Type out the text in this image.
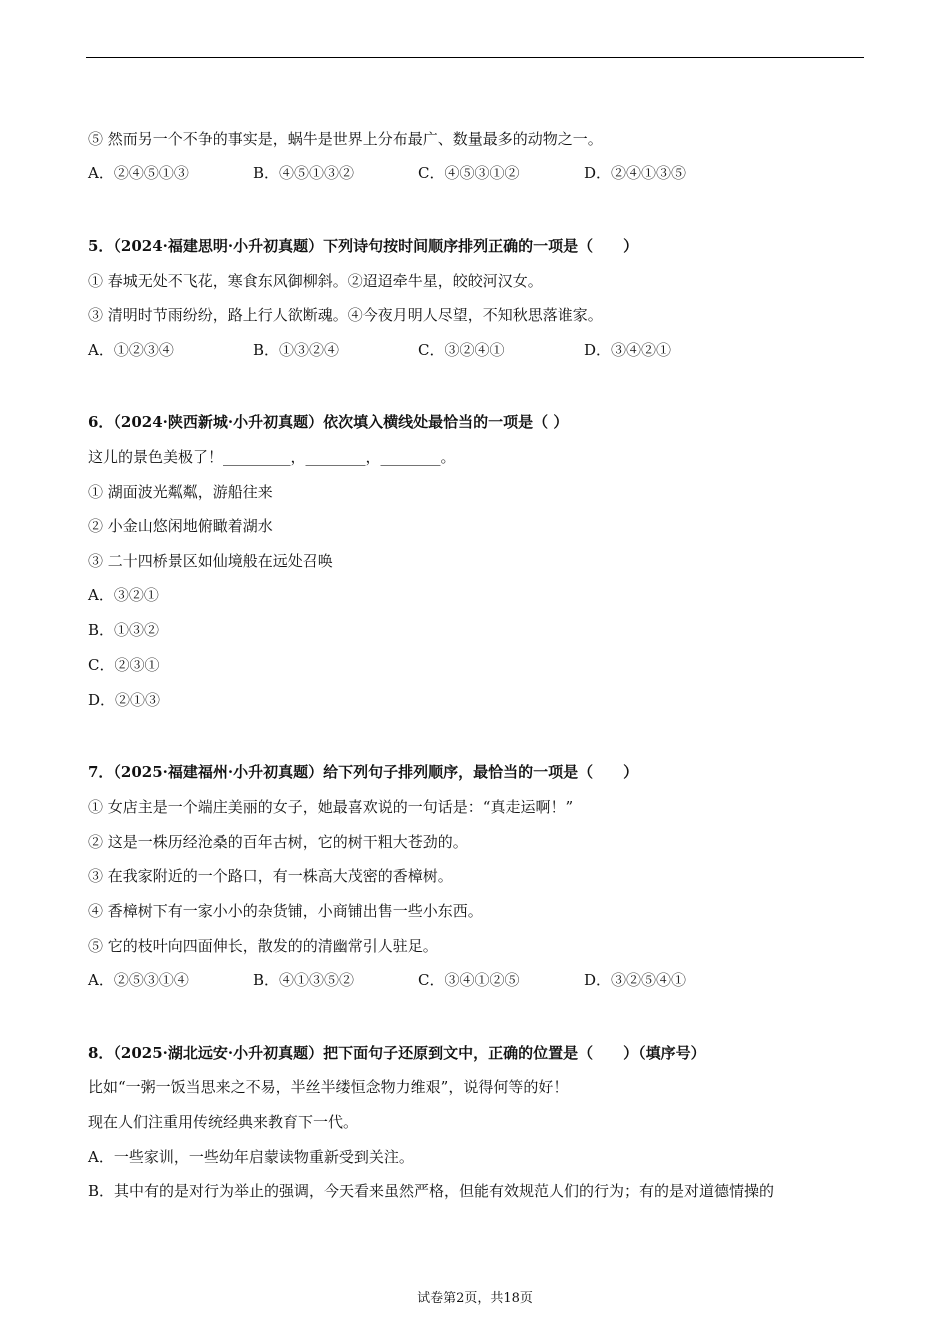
⑤ 然而另一个不争的事实是，蜗牛是世界上分布最广、数量最多的动物之一。
A．②④⑤①③	B．④⑤①③②	C．④⑤③①②	D．②④①③⑤
5．（2024·福建思明·小升初真题）下列诗句按时间顺序排列正确的一项是（　　）
① 春城无处不飞花，寒食东风御柳斜。②迢迢牵牛星，皎皎河汉女。
③ 清明时节雨纷纷，路上行人欲断魂。④今夜月明人尽望，不知秋思落谁家。
A．①②③④	B．①③②④	C．③②④①	D．③④②①
6．（2024·陕西新城·小升初真题）依次填入横线处最恰当的一项是（ ）
这儿的景色美极了！_________，________，________。
① 湖面波光粼粼，游船往来
② 小金山悠闲地俯瞰着湖水
③ 二十四桥景区如仙境般在远处召唤
A．③②①
B．①③②
C．②③①
D．②①③
7．（2025·福建福州·小升初真题）给下列句子排列顺序，最恰当的一项是（　　）
① 女店主是一个端庄美丽的女子，她最喜欢说的一句话是：“真走运啊！”
② 这是一株历经沧桑的百年古树，它的树干粗大苍劲的。
③ 在我家附近的一个路口，有一株高大茂密的香樟树。
④ 香樟树下有一家小小的杂货铺，小商铺出售一些小东西。
⑤ 它的枝叶向四面伸长，散发的的清幽常引人驻足。
A．②⑤③①④	B．④①③⑤②	C．③④①②⑤	D．③②⑤④①
8．（2025·湖北远安·小升初真题）把下面句子还原到文中，正确的位置是（　　）（填序号）
比如“一粥一饭当思来之不易，半丝半缕恒念物力维艰”，说得何等的好！
现在人们注重用传统经典来教育下一代。
A．一些家训，一些幼年启蒙读物重新受到关注。
B．其中有的是对行为举止的强调，今天看来虽然严格，但能有效规范人们的行为；有的是对道德情操的
试卷第2页，共18页
